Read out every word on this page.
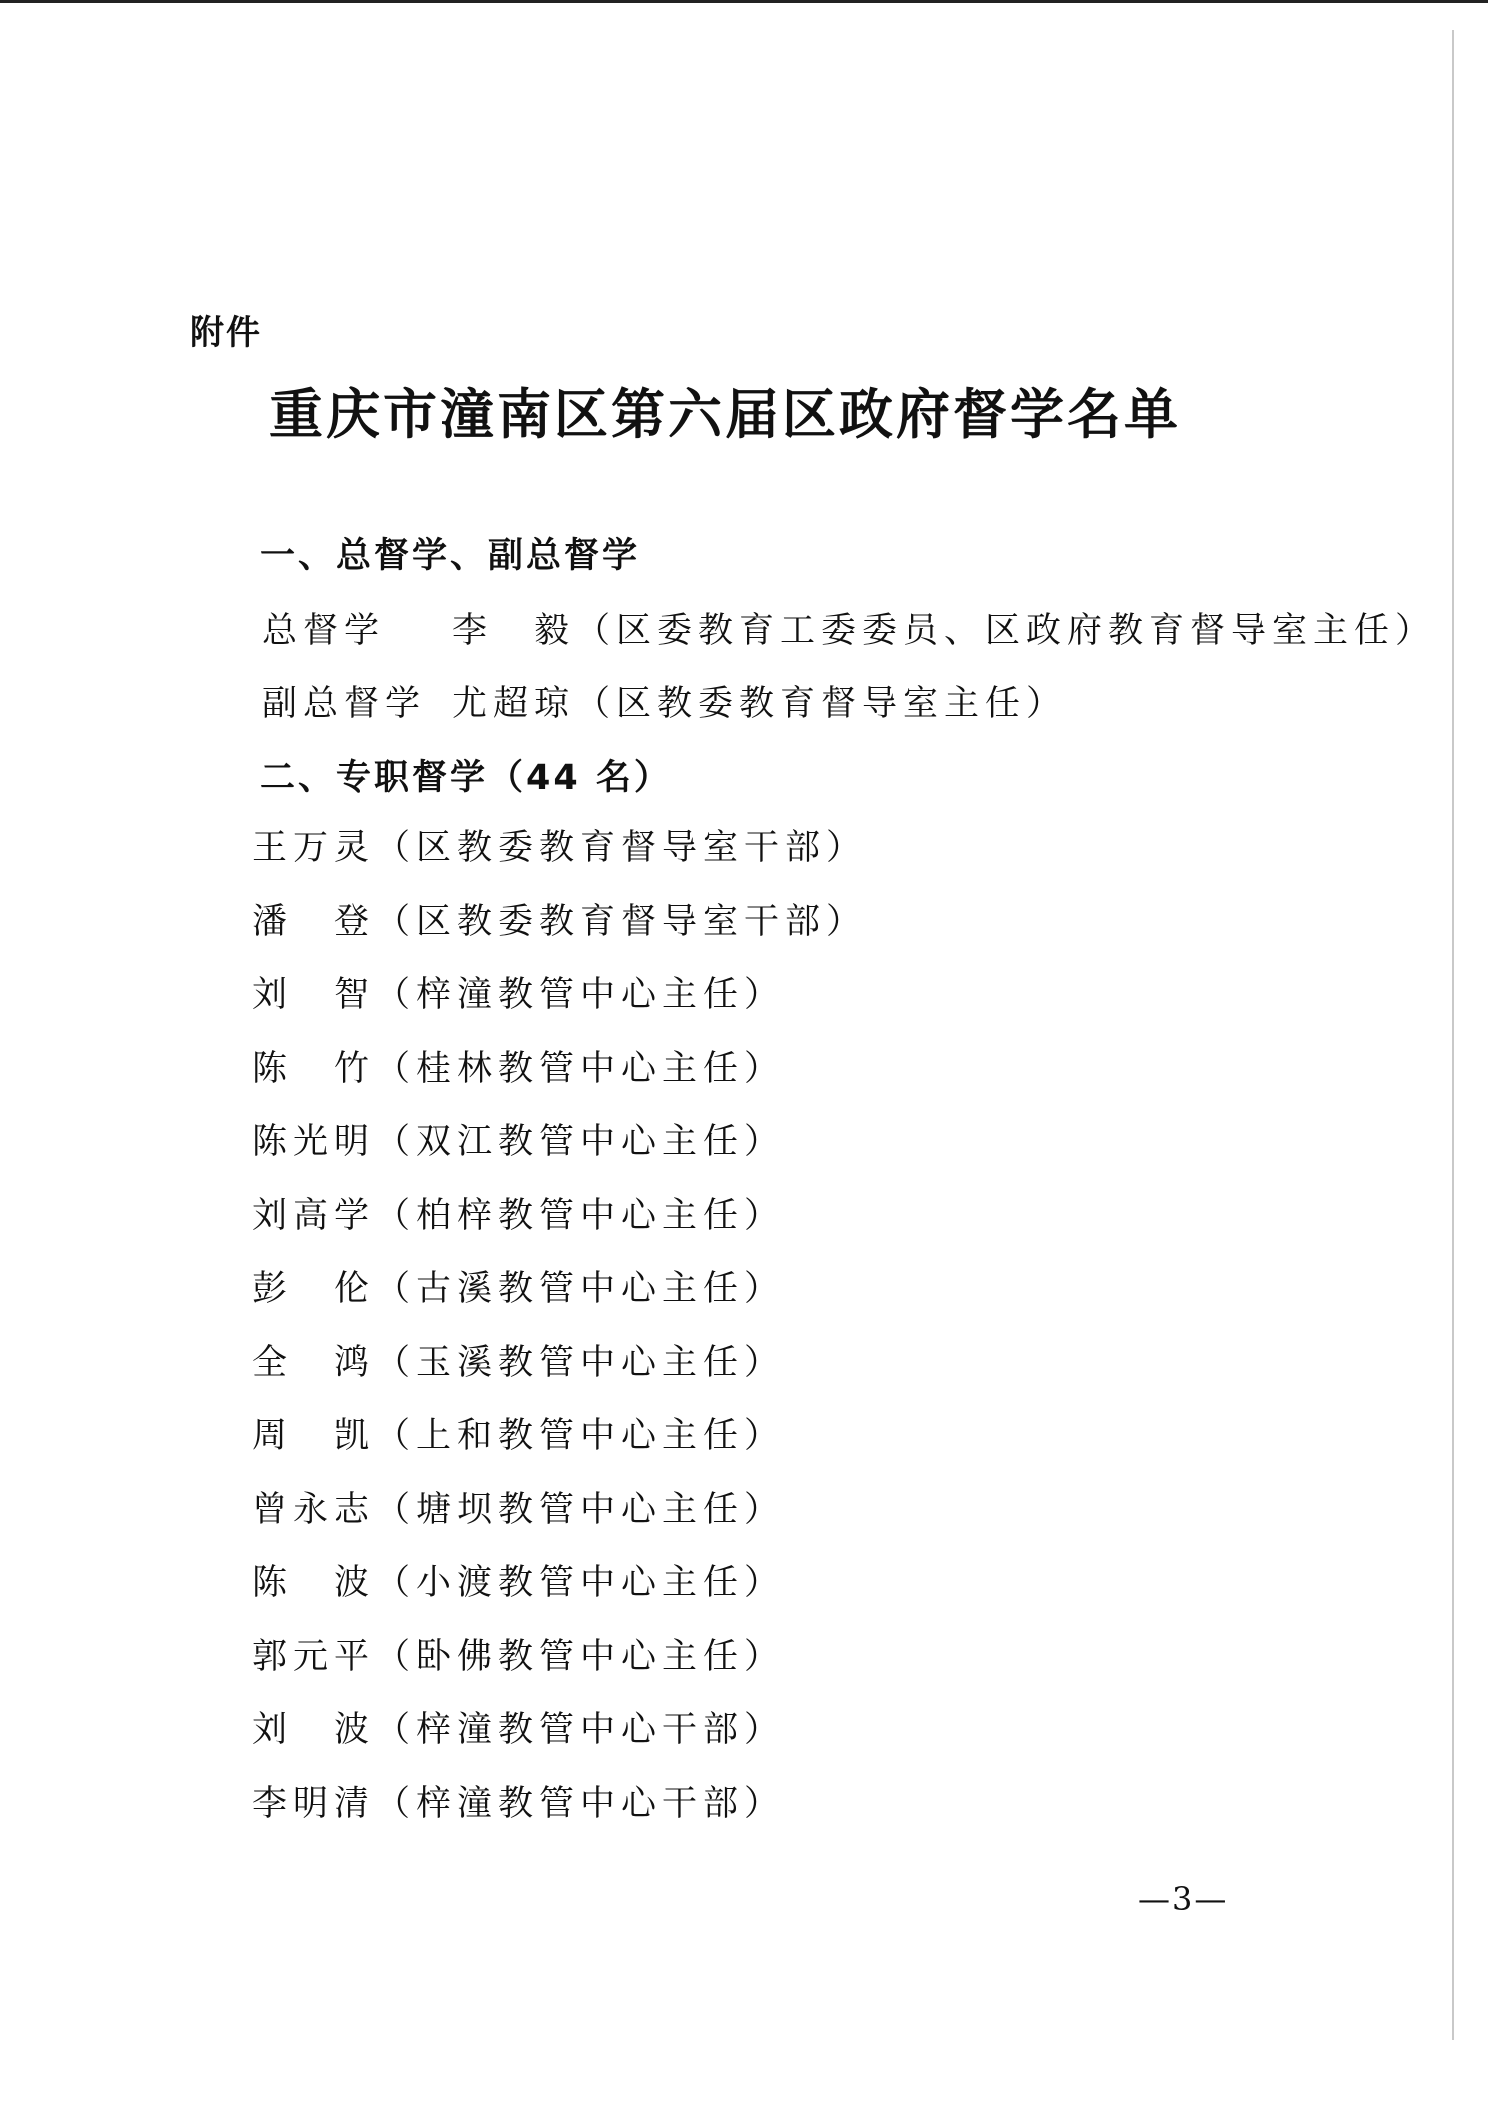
附件
重庆市潼南区第六届区政府督学名单
一、总督学、副总督学
总督学 李　毅（区委教育工委委员、区政府教育督导室主任）
副总督学 尤超琼（区教委教育督导室主任）
二、专职督学（44 名）
王万灵（区教委教育督导室干部）
潘　登（区教委教育督导室干部）
刘　智（梓潼教管中心主任）
陈　竹（桂林教管中心主任）
陈光明（双江教管中心主任）
刘高学（柏梓教管中心主任）
彭　伦（古溪教管中心主任）
全　鸿（玉溪教管中心主任）
周　凯（上和教管中心主任）
曾永志（塘坝教管中心主任）
陈　波（小渡教管中心主任）
郭元平（卧佛教管中心主任）
刘　波（梓潼教管中心干部）
李明清（梓潼教管中心干部）
—3—
